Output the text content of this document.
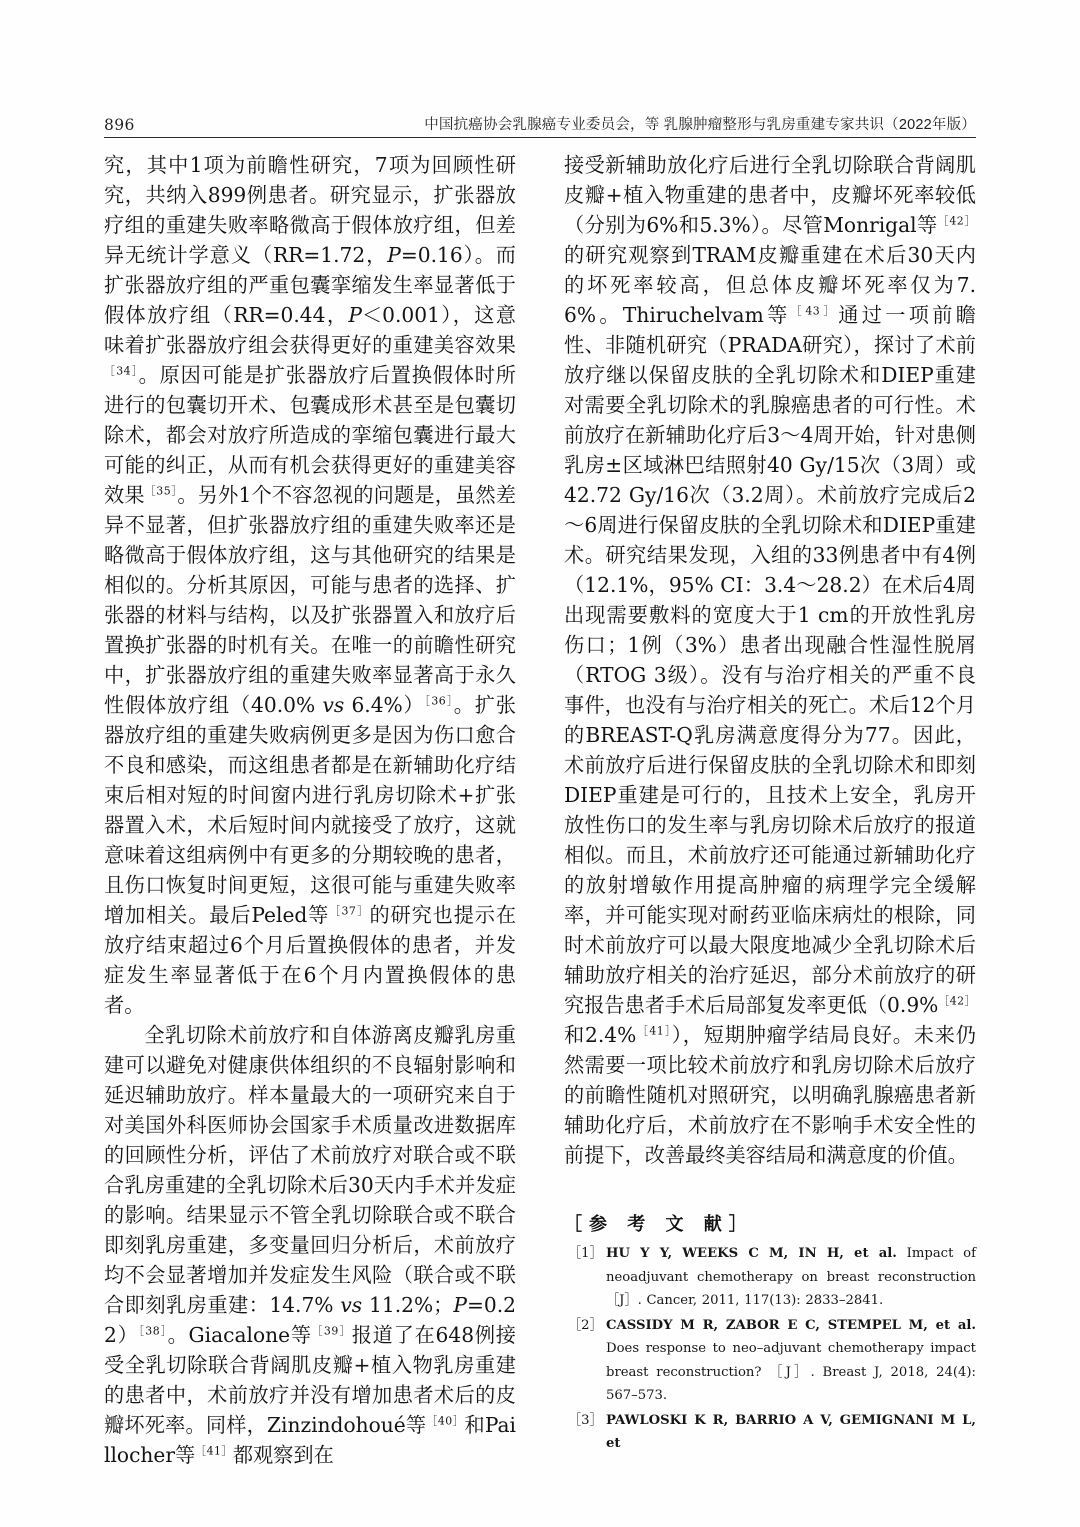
896	中国抗癌协会乳腺癌专业委员会，等 乳腺肿瘤整形与乳房重建专家共识（2022年版）

究，其中1项为前瞻性研究，7项为回顾性研究，共纳入899例患者。研究显示，扩张器放疗组的重建失败率略微高于假体放疗组，但差异无统计学意义（RR=1.72，P=0.16）。而扩张器放疗组的严重包囊挛缩发生率显著低于假体放疗组（RR=0.44，P＜0.001），这意味着扩张器放疗组会获得更好的重建美容效果$^{[34]}$。原因可能是扩张器放疗后置换假体时所进行的包囊切开术、包囊成形术甚至是包囊切除术，都会对放疗所造成的挛缩包囊进行最大可能的纠正，从而有机会获得更好的重建美容效果$^{[35]}$。另外1个不容忽视的问题是，虽然差异不显著，但扩张器放疗组的重建失败率还是略微高于假体放疗组，这与其他研究的结果是相似的。分析其原因，可能与患者的选择、扩张器的材料与结构，以及扩张器置入和放疗后置换扩张器的时机有关。在唯一的前瞻性研究中，扩张器放疗组的重建失败率显著高于永久性假体放疗组（40.0% vs 6.4%）$^{[36]}$。扩张器放疗组的重建失败病例更多是因为伤口愈合不良和感染，而这组患者都是在新辅助化疗结束后相对短的时间窗内进行乳房切除术+扩张器置入术，术后短时间内就接受了放疗，这就意味着这组病例中有更多的分期较晚的患者，且伤口恢复时间更短，这很可能与重建失败率增加相关。最后Peled等$^{[37]}$的研究也提示在放疗结束超过6个月后置换假体的患者，并发症发生率显著低于在6个月内置换假体的患者。

全乳切除术前放疗和自体游离皮瓣乳房重建可以避免对健康供体组织的不良辐射影响和延迟辅助放疗。样本量最大的一项研究来自于对美国外科医师协会国家手术质量改进数据库的回顾性分析，评估了术前放疗对联合或不联合乳房重建的全乳切除术后30天内手术并发症的影响。结果显示不管全乳切除联合或不联合即刻乳房重建，多变量回归分析后，术前放疗均不会显著增加并发症发生风险（联合或不联合即刻乳房重建：14.7% vs 11.2%；P=0.22）$^{[38]}$。Giacalone等$^{[39]}$报道了在648例接受全乳切除联合背阔肌皮瓣+植入物乳房重建的患者中，术前放疗并没有增加患者术后的皮瓣坏死率。同样，Zinzindohoué等$^{[40]}$和Paillocher等$^{[41]}$都观察到在

接受新辅助放化疗后进行全乳切除联合背阔肌皮瓣+植入物重建的患者中，皮瓣坏死率较低（分别为6%和5.3%）。尽管Monrigal等$^{[42]}$的研究观察到TRAM皮瓣重建在术后30天内的坏死率较高，但总体皮瓣坏死率仅为7.6%。Thiruchelvam等$^{[43]}$通过一项前瞻性、非随机研究（PRADA研究），探讨了术前放疗继以保留皮肤的全乳切除术和DIEP重建对需要全乳切除术的乳腺癌患者的可行性。术前放疗在新辅助化疗后3～4周开始，针对患侧乳房±区域淋巴结照射40 Gy/15次（3周）或42.72 Gy/16次（3.2周）。术前放疗完成后2～6周进行保留皮肤的全乳切除术和DIEP重建术。研究结果发现，入组的33例患者中有4例（12.1%，95% CI：3.4～28.2）在术后4周出现需要敷料的宽度大于1 cm的开放性乳房伤口；1例（3%）患者出现融合性湿性脱屑（RTOG 3级）。没有与治疗相关的严重不良事件，也没有与治疗相关的死亡。术后12个月的BREAST-Q乳房满意度得分为77。因此，术前放疗后进行保留皮肤的全乳切除术和即刻DIEP重建是可行的，且技术上安全，乳房开放性伤口的发生率与乳房切除术后放疗的报道相似。而且，术前放疗还可能通过新辅助化疗的放射增敏作用提高肿瘤的病理学完全缓解率，并可能实现对耐药亚临床病灶的根除，同时术前放疗可以最大限度地减少全乳切除术后辅助放疗相关的治疗延迟，部分术前放疗的研究报告患者手术后局部复发率更低（0.9%$^{[42]}$和2.4%$^{[41]}$），短期肿瘤学结局良好。未来仍然需要一项比较术前放疗和乳房切除术后放疗的前瞻性随机对照研究，以明确乳腺癌患者新辅助化疗后，术前放疗在不影响手术安全性的前提下，改善最终美容结局和满意度的价值。

［参 考 文 献］
［1］ HU Y Y, WEEKS C M, IN H, et al. Impact of neoadjuvant chemotherapy on breast reconstruction［J］. Cancer, 2011, 117(13): 2833–2841.
［2］ CASSIDY M R, ZABOR E C, STEMPEL M, et al. Does response to neo–adjuvant chemotherapy impact breast reconstruction? ［J］. Breast J, 2018, 24(4): 567–573.
［3］ PAWLOSKI K R, BARRIO A V, GEMIGNANI M L, et
